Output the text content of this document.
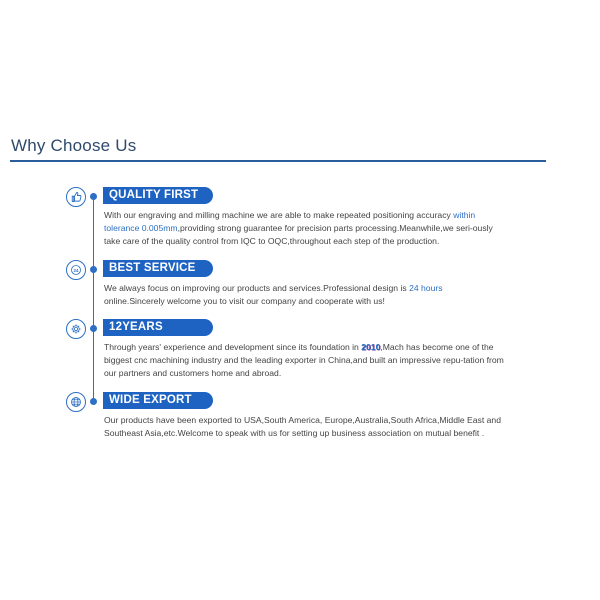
Why Choose Us
QUALITY FIRST
With our engraving and milling machine we are able to make repeated positioning accuracy within tolerance 0.005mm,providing strong guarantee for precision parts processing.Meanwhile,we seri-ously take care of the quality control from IQC to OQC,throughout each step of the production.
24	BEST SERVICE
We always focus on improving our products and services.Professional design is 24 hours online.Sincerely welcome you to visit our company and cooperate with us!
12YEARS
Through years' experience and development since its foundation in 2010,Mach has become one of the biggest cnc machining industry and the leading exporter in China,and built an impressive repu-tation from our partners and customers home and abroad.
WIDE EXPORT
Our products have been exported to USA,South America, Europe,Australia,South Africa,Middle East and Southeast Asia,etc.Welcome to speak with us for setting up business association on mutual benefit .
